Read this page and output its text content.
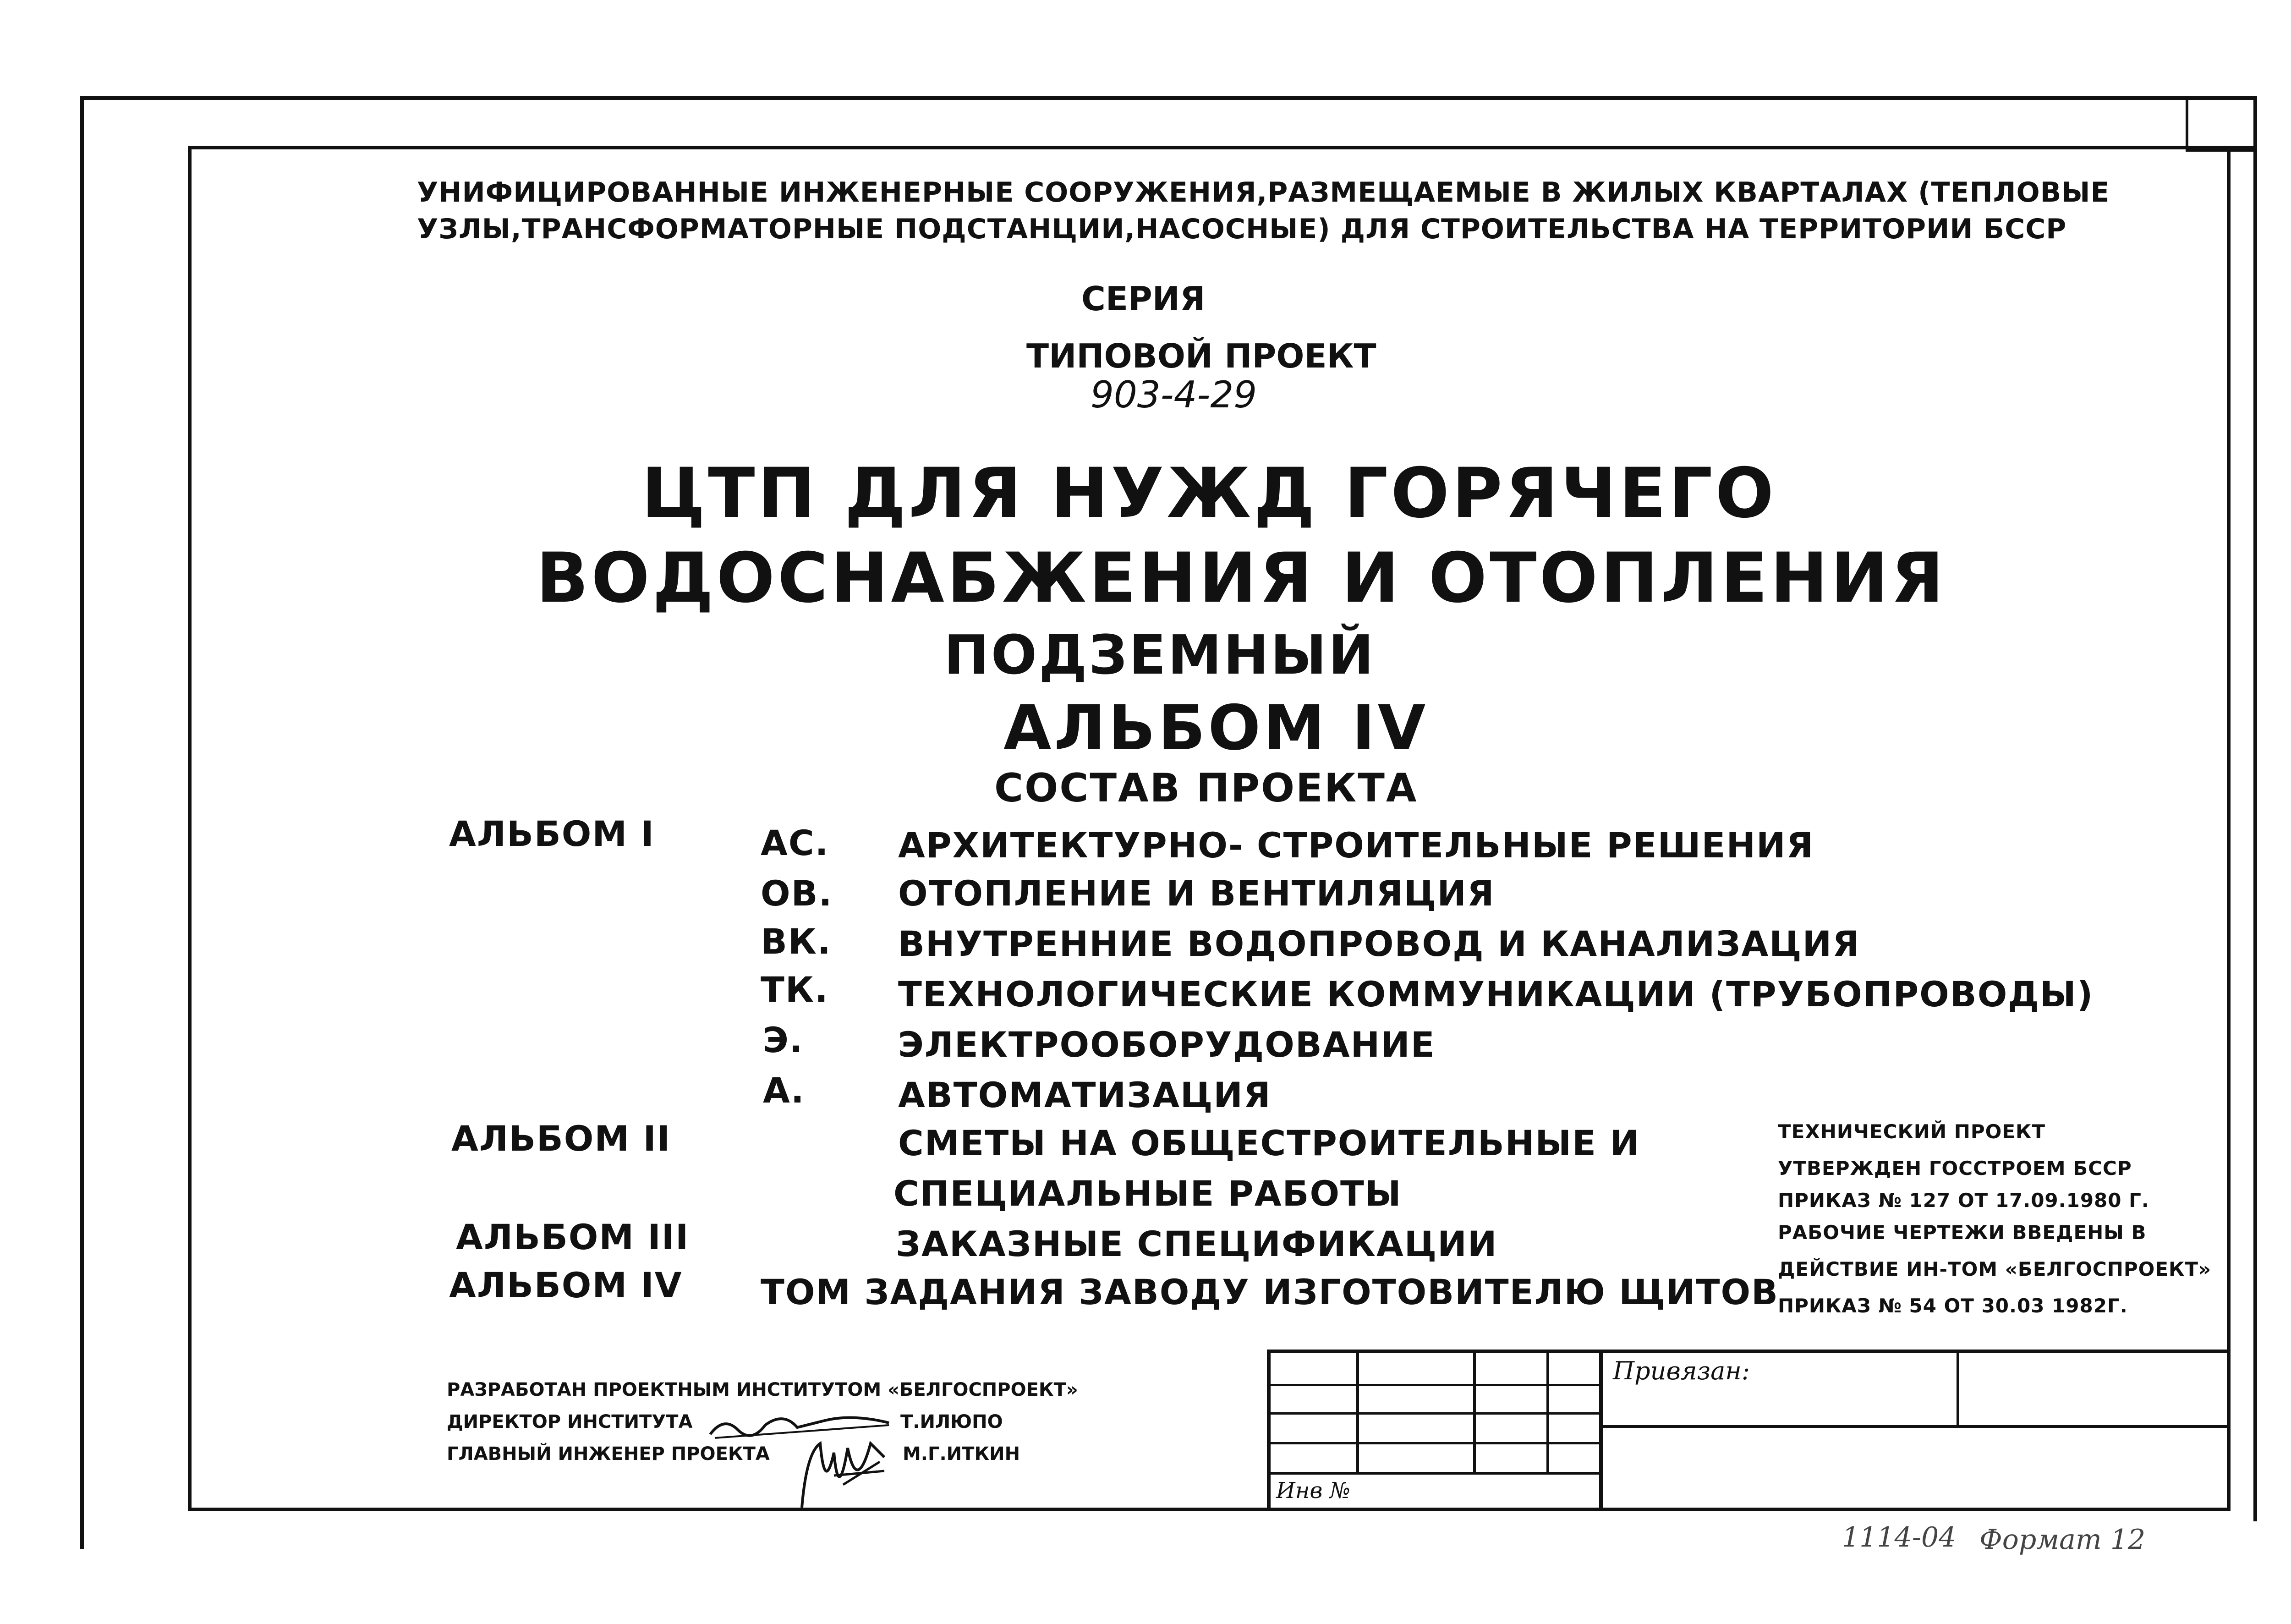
УНИФИЦИРОВАННЫЕ ИНЖЕНЕРНЫЕ СООРУЖЕНИЯ,РАЗМЕЩАЕМЫЕ В ЖИЛЫХ КВАРТАЛАХ (ТЕПЛОВЫЕ
УЗЛЫ,ТРАНСФОРМАТОРНЫЕ ПОДСТАНЦИИ,НАСОСНЫЕ) ДЛЯ СТРОИТЕЛЬСТВА НА ТЕРРИТОРИИ БССР
СЕРИЯ
ТИПОВОЙ ПРОЕКТ
903-4-29
ЦТП ДЛЯ НУЖД ГОРЯЧЕГО
ВОДОСНАБЖЕНИЯ И ОТОПЛЕНИЯ
ПОДЗЕМНЫЙ
АЛЬБОМ IV
СОСТАВ ПРОЕКТА
АЛЬБОМ I	АС. АРХИТЕКТУРНО- СТРОИТЕЛЬНЫЕ РЕШЕНИЯ
ОВ. ОТОПЛЕНИЕ И ВЕНТИЛЯЦИЯ
ВК. ВНУТРЕННИЕ ВОДОПРОВОД И КАНАЛИЗАЦИЯ
ТК. ТЕХНОЛОГИЧЕСКИЕ КОММУНИКАЦИИ (ТРУБОПРОВОДЫ)
Э.	ЭЛЕКТРООБОРУДОВАНИЕ
А.	АВТОМАТИЗАЦИЯ
АЛЬБОМ II	СМЕТЫ НА ОБЩЕСТРОИТЕЛЬНЫЕ И
СПЕЦИАЛЬНЫЕ РАБОТЫ
АЛЬБОМ III	ЗАКАЗНЫЕ СПЕЦИФИКАЦИИ
АЛЬБОМ IV ТОМ ЗАДАНИЯ ЗАВОДУ ИЗГОТОВИТЕЛЮ ЩИТОВ
ТЕХНИЧЕСКИЙ ПРОЕКТ
УТВЕРЖДЕН ГОССТРОЕМ БССР
ПРИКАЗ № 127 ОТ 17.09.1980 Г.
РАБОЧИЕ ЧЕРТЕЖИ ВВЕДЕНЫ В
ДЕЙСТВИЕ ИН-ТОМ «БЕЛГОСПРОЕКТ»
ПРИКАЗ № 54 ОТ 30.03 1982Г.
РАЗРАБОТАН ПРОЕКТНЫМ ИНСТИТУТОМ «БЕЛГОСПРОЕКТ»
ДИРЕКТОР ИНСТИТУТА	Т.ИЛЮПО
ГЛАВНЫЙ ИНЖЕНЕР ПРОЕКТА	М.Г.ИТКИН
Привязан:
Инв №
1114-04 Формат 12
